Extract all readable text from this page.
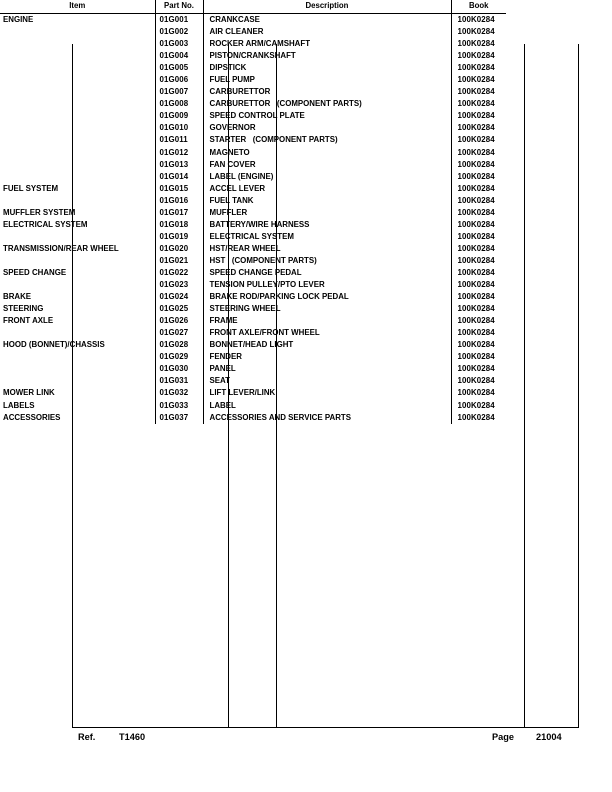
Item	Part No.	Description	Book
ENGINE	01G001	CRANKCASE	100K0284
	01G002	AIR CLEANER	100K0284
	01G003	ROCKER ARM/CAMSHAFT	100K0284
	01G004	PISTON/CRANKSHAFT	100K0284
	01G005	DIPSTICK	100K0284
	01G006	FUEL PUMP	100K0284
	01G007	CARBURETTOR	100K0284
	01G008	CARBURETTOR   (COMPONENT PARTS)	100K0284
	01G009	SPEED CONTROL PLATE	100K0284
	01G010	GOVERNOR	100K0284
	01G011	STARTER   (COMPONENT PARTS)	100K0284
	01G012	MAGNETO	100K0284
	01G013	FAN COVER	100K0284
	01G014	LABEL (ENGINE)	100K0284
FUEL SYSTEM	01G015	ACCEL LEVER	100K0284
	01G016	FUEL TANK	100K0284
MUFFLER SYSTEM	01G017	MUFFLER	100K0284
ELECTRICAL SYSTEM	01G018	BATTERY/WIRE HARNESS	100K0284
	01G019	ELECTRICAL SYSTEM	100K0284
TRANSMISSION/REAR WHEEL	01G020	HST/REAR WHEEL	100K0284
	01G021	HST   (COMPONENT PARTS)	100K0284
SPEED CHANGE	01G022	SPEED CHANGE PEDAL	100K0284
	01G023	TENSION PULLEY/PTO LEVER	100K0284
BRAKE	01G024	BRAKE ROD/PARKING LOCK PEDAL	100K0284
STEERING	01G025	STEERING WHEEL	100K0284
FRONT AXLE	01G026	FRAME	100K0284
	01G027	FRONT AXLE/FRONT WHEEL	100K0284
HOOD (BONNET)/CHASSIS	01G028	BONNET/HEAD LIGHT	100K0284
	01G029	FENDER	100K0284
	01G030	PANEL	100K0284
	01G031	SEAT	100K0284
MOWER LINK	01G032	LIFT LEVER/LINK	100K0284
LABELS	01G033	LABEL	100K0284
ACCESSORIES	01G037	ACCESSORIES AND SERVICE PARTS	100K0284
Ref.	T1460	Page 21004
